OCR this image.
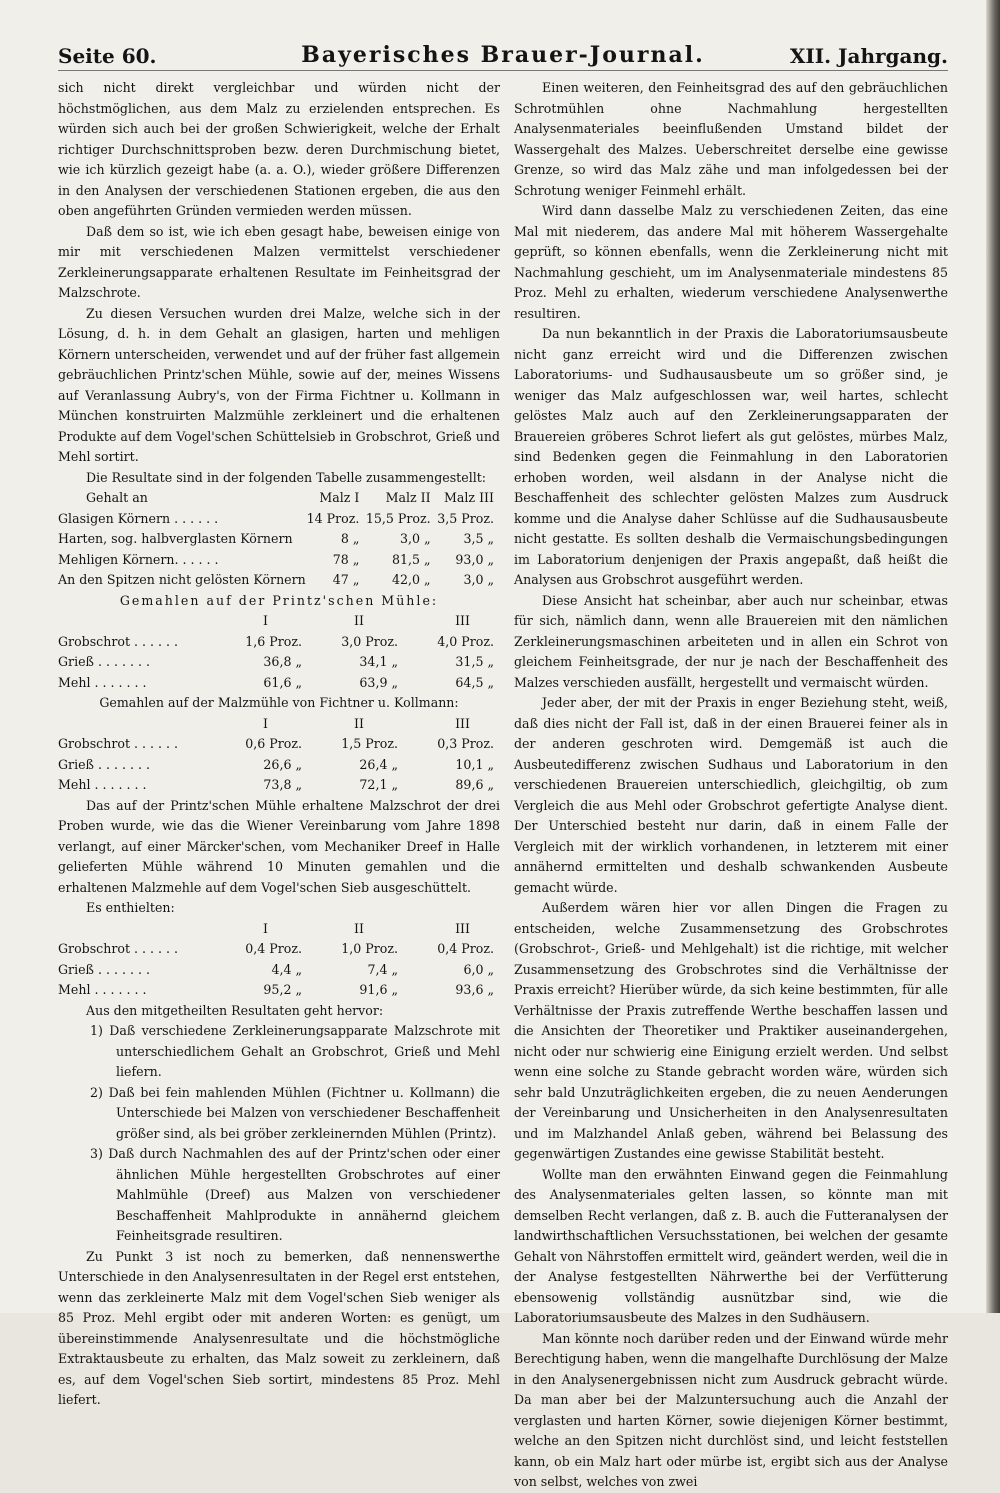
Seite 60.	Bayerisches Brauer-Journal.	XII. Jahrgang.

sich nicht direkt vergleichbar und würden nicht der höchstmöglichen, aus dem Malz zu erzielenden entsprechen. Es würden sich auch bei der großen Schwierigkeit, welche der Erhalt richtiger Durchschnittsproben bezw. deren Durchmischung bietet, wie ich kürzlich gezeigt habe (a. a. O.), wieder größere Differenzen in den Analysen der verschiedenen Stationen ergeben, die aus den oben angeführten Gründen vermieden werden müssen.

Daß dem so ist, wie ich eben gesagt habe, beweisen einige von mir mit verschiedenen Malzen vermittelst verschiedener Zerkleinerungsapparate erhaltenen Resultate im Feinheitsgrad der Malzschrote.

Zu diesen Versuchen wurden drei Malze, welche sich in der Lösung, d. h. in dem Gehalt an glasigen, harten und mehligen Körnern unterscheiden, verwendet und auf der früher fast allgemein gebräuchlichen Printz'schen Mühle, sowie auf der, meines Wissens auf Veranlassung Aubry's, von der Firma Fichtner u. Kollmann in München konstruirten Malzmühle zerkleinert und die erhaltenen Produkte auf dem Vogel'schen Schüttelsieb in Grobschrot, Grieß und Mehl sortirt.

Die Resultate sind in der folgenden Tabelle zusammengestellt:

Gehalt an	Malz I	Malz II	Malz III
Glasigen Körnern . . . . . .	14 Proz.	15,5 Proz.	3,5 Proz.
Harten, sog. halbverglasten Körnern	8 „	3,0 „	3,5 „
Mehligen Körnern. . . . . .	78 „	81,5 „	93,0 „
An den Spitzen nicht gelösten Körnern	47 „	42,0 „	3,0 „

Gemahlen auf der Printz'schen Mühle:

	I	II	III
Grobschrot . . . . . .	1,6 Proz.	3,0 Proz.	4,0 Proz.
Grieß . . . . . . .	36,8 „	34,1 „	31,5 „
Mehl . . . . . . .	61,6 „	63,9 „	64,5 „

Gemahlen auf der Malzmühle von Fichtner u. Kollmann:

	I	II	III
Grobschrot . . . . . .	0,6 Proz.	1,5 Proz.	0,3 Proz.
Grieß . . . . . . .	26,6 „	26,4 „	10,1 „
Mehl . . . . . . .	73,8 „	72,1 „	89,6 „

Das auf der Printz'schen Mühle erhaltene Malzschrot der drei Proben wurde, wie das die Wiener Vereinbarung vom Jahre 1898 verlangt, auf einer Märcker'schen, vom Mechaniker Dreef in Halle gelieferten Mühle während 10 Minuten gemahlen und die erhaltenen Malzmehle auf dem Vogel'schen Sieb ausgeschüttelt.

Es enthielten:

	I	II	III
Grobschrot . . . . . .	0,4 Proz.	1,0 Proz.	0,4 Proz.
Grieß . . . . . . .	4,4 „	7,4 „	6,0 „
Mehl . . . . . . .	95,2 „	91,6 „	93,6 „

Aus den mitgetheilten Resultaten geht hervor:

1) Daß verschiedene Zerkleinerungsapparate Malzschrote mit unterschiedlichem Gehalt an Grobschrot, Grieß und Mehl liefern.

2) Daß bei fein mahlenden Mühlen (Fichtner u. Kollmann) die Unterschiede bei Malzen von verschiedener Beschaffenheit größer sind, als bei gröber zerkleinernden Mühlen (Printz).

3) Daß durch Nachmahlen des auf der Printz'schen oder einer ähnlichen Mühle hergestellten Grobschrotes auf einer Mahlmühle (Dreef) aus Malzen von verschiedener Beschaffenheit Mahlprodukte in annähernd gleichem Feinheitsgrade resultiren.

Zu Punkt 3 ist noch zu bemerken, daß nennenswerthe Unterschiede in den Analysenresultaten in der Regel erst entstehen, wenn das zerkleinerte Malz mit dem Vogel'schen Sieb weniger als 85 Proz. Mehl ergibt oder mit anderen Worten: es genügt, um übereinstimmende Analysenresultate und die höchstmögliche Extraktausbeute zu erhalten, das Malz soweit zu zerkleinern, daß es, auf dem Vogel'schen Sieb sortirt, mindestens 85 Proz. Mehl liefert.

Einen weiteren, den Feinheitsgrad des auf den gebräuchlichen Schrotmühlen ohne Nachmahlung hergestellten Analysenmateriales beeinflußenden Umstand bildet der Wassergehalt des Malzes. Ueberschreitet derselbe eine gewisse Grenze, so wird das Malz zähe und man infolgedessen bei der Schrotung weniger Feinmehl erhält.

Wird dann dasselbe Malz zu verschiedenen Zeiten, das eine Mal mit niederem, das andere Mal mit höherem Wassergehalte geprüft, so können ebenfalls, wenn die Zerkleinerung nicht mit Nachmahlung geschieht, um im Analysenmateriale mindestens 85 Proz. Mehl zu erhalten, wiederum verschiedene Analysenwerthe resultiren.

Da nun bekanntlich in der Praxis die Laboratoriumsausbeute nicht ganz erreicht wird und die Differenzen zwischen Laboratoriums- und Sudhausausbeute um so größer sind, je weniger das Malz aufgeschlossen war, weil hartes, schlecht gelöstes Malz auch auf den Zerkleinerungsapparaten der Brauereien gröberes Schrot liefert als gut gelöstes, mürbes Malz, sind Bedenken gegen die Feinmahlung in den Laboratorien erhoben worden, weil alsdann in der Analyse nicht die Beschaffenheit des schlechter gelösten Malzes zum Ausdruck komme und die Analyse daher Schlüsse auf die Sudhausausbeute nicht gestatte. Es sollten deshalb die Vermaischungsbedingungen im Laboratorium denjenigen der Praxis angepaßt, daß heißt die Analysen aus Grobschrot ausgeführt werden.

Diese Ansicht hat scheinbar, aber auch nur scheinbar, etwas für sich, nämlich dann, wenn alle Brauereien mit den nämlichen Zerkleinerungsmaschinen arbeiteten und in allen ein Schrot von gleichem Feinheitsgrade, der nur je nach der Beschaffenheit des Malzes verschieden ausfällt, hergestellt und vermaischt würden.

Jeder aber, der mit der Praxis in enger Beziehung steht, weiß, daß dies nicht der Fall ist, daß in der einen Brauerei feiner als in der anderen geschroten wird. Demgemäß ist auch die Ausbeutedifferenz zwischen Sudhaus und Laboratorium in den verschiedenen Brauereien unterschiedlich, gleichgiltig, ob zum Vergleich die aus Mehl oder Grobschrot gefertigte Analyse dient. Der Unterschied besteht nur darin, daß in einem Falle der Vergleich mit der wirklich vorhandenen, in letzterem mit einer annähernd ermittelten und deshalb schwankenden Ausbeute gemacht würde.

Außerdem wären hier vor allen Dingen die Fragen zu entscheiden, welche Zusammensetzung des Grobschrotes (Grobschrot-, Grieß- und Mehlgehalt) ist die richtige, mit welcher Zusammensetzung des Grobschrotes sind die Verhältnisse der Praxis erreicht? Hierüber würde, da sich keine bestimmten, für alle Verhältnisse der Praxis zutreffende Werthe beschaffen lassen und die Ansichten der Theoretiker und Praktiker auseinandergehen, nicht oder nur schwierig eine Einigung erzielt werden. Und selbst wenn eine solche zu Stande gebracht worden wäre, würden sich sehr bald Unzuträglichkeiten ergeben, die zu neuen Aenderungen der Vereinbarung und Unsicherheiten in den Analysenresultaten und im Malzhandel Anlaß geben, während bei Belassung des gegenwärtigen Zustandes eine gewisse Stabilität besteht.

Wollte man den erwähnten Einwand gegen die Feinmahlung des Analysenmateriales gelten lassen, so könnte man mit demselben Recht verlangen, daß z. B. auch die Futteranalysen der landwirthschaftlichen Versuchsstationen, bei welchen der gesamte Gehalt von Nährstoffen ermittelt wird, geändert werden, weil die in der Analyse festgestellten Nährwerthe bei der Verfütterung ebensowenig vollständig ausnützbar sind, wie die Laboratoriumsausbeute des Malzes in den Sudhäusern.

Man könnte noch darüber reden und der Einwand würde mehr Berechtigung haben, wenn die mangelhafte Durchlösung der Malze in den Analysenergebnissen nicht zum Ausdruck gebracht würde. Da man aber bei der Malzuntersuchung auch die Anzahl der verglasten und harten Körner, sowie diejenigen Körner bestimmt, welche an den Spitzen nicht durchlöst sind, und leicht feststellen kann, ob ein Malz hart oder mürbe ist, ergibt sich aus der Analyse von selbst, welches von zwei
